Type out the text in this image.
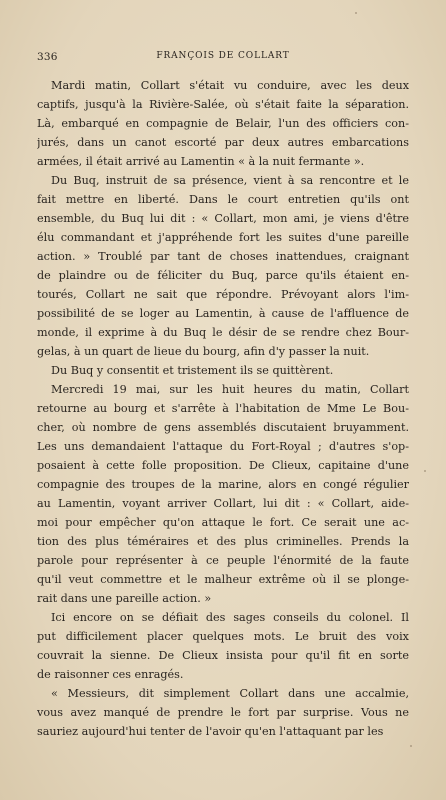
336	FRANÇOIS DE COLLART
Mardi matin, Collart s'était vu conduire, avec les deux
captifs, jusqu'à la Rivière-Salée, où s'était faite la séparation.
Là, embarqué en compagnie de Belair, l'un des officiers con-
jurés, dans un canot escorté par deux autres embarcations
armées, il était arrivé au Lamentin « à la nuit fermante ».
Du Buq, instruit de sa présence, vient à sa rencontre et le
fait mettre en liberté. Dans le court entretien qu'ils ont
ensemble, du Buq lui dit : « Collart, mon ami, je viens d'être
élu commandant et j'appréhende fort les suites d'une pareille
action. » Troublé par tant de choses inattendues, craignant
de plaindre ou de féliciter du Buq, parce qu'ils étaient en-
tourés, Collart ne sait que répondre. Prévoyant alors l'im-
possibilité de se loger au Lamentin, à cause de l'affluence de
monde, il exprime à du Buq le désir de se rendre chez Bour-
gelas, à un quart de lieue du bourg, afin d'y passer la nuit.
Du Buq y consentit et tristement ils se quittèrent.
Mercredi 19 mai, sur les huit heures du matin, Collart
retourne au bourg et s'arrête à l'habitation de Mme Le Bou-
cher, où nombre de gens assemblés discutaient bruyamment.
Les uns demandaient l'attaque du Fort-Royal ; d'autres s'op-
posaient à cette folle proposition. De Clieux, capitaine d'une
compagnie des troupes de la marine, alors en congé régulier
au Lamentin, voyant arriver Collart, lui dit : « Collart, aide-
moi pour empêcher qu'on attaque le fort. Ce serait une ac-
tion des plus téméraires et des plus criminelles. Prends la
parole pour représenter à ce peuple l'énormité de la faute
qu'il veut commettre et le malheur extrême où il se plonge-
rait dans une pareille action. »
Ici encore on se défiait des sages conseils du colonel. Il
put difficilement placer quelques mots. Le bruit des voix
couvrait la sienne. De Clieux insista pour qu'il fit en sorte
de raisonner ces enragés.
« Messieurs, dit simplement Collart dans une accalmie,
vous avez manqué de prendre le fort par surprise. Vous ne
sauriez aujourd'hui tenter de l'avoir qu'en l'attaquant par les
